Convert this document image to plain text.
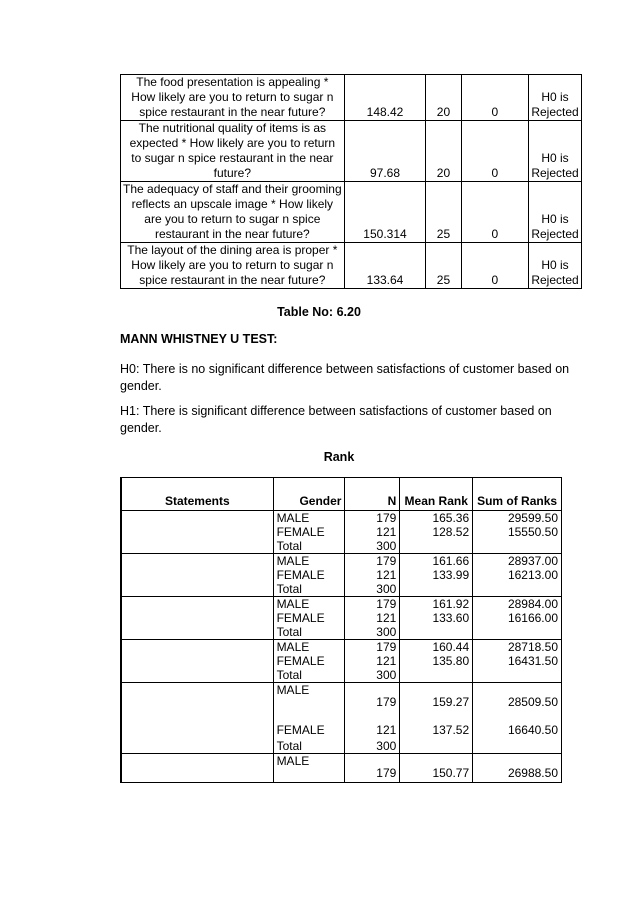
The food presentation is appealing * How likely are you to return to sugar n spice restaurant in the near future?	148.42	20	0	H0 is Rejected
The nutritional quality of items is as expected * How likely are you to return to sugar n spice restaurant in the near future?	97.68	20	0	H0 is Rejected
The adequacy of staff and their grooming reflects an upscale image * How likely are you to return to sugar n spice restaurant in the near future?	150.314	25	0	H0 is Rejected
The layout of the dining area is proper * How likely are you to return to sugar n spice restaurant in the near future?	133.64	25	0	H0 is Rejected
Table No: 6.20
MANN WHISTNEY U TEST:

H0: There is no significant difference between satisfactions of customer based on gender.

H1: There is significant difference between satisfactions of customer based on gender.

Rank
Statements	Gender	N	Mean Rank	Sum of Ranks
	MALE	179	165.36	29599.50
	FEMALE	121	128.52	15550.50
	Total	300		
	MALE	179	161.66	28937.00
	FEMALE	121	133.99	16213.00
	Total	300		
	MALE	179	161.92	28984.00
	FEMALE	121	133.60	16166.00
	Total	300		
	MALE	179	160.44	28718.50
	FEMALE	121	135.80	16431.50
	Total	300		
	MALE	179	159.27	28509.50
	FEMALE	121	137.52	16640.50
	Total	300		
	MALE	179	150.77	26988.50
